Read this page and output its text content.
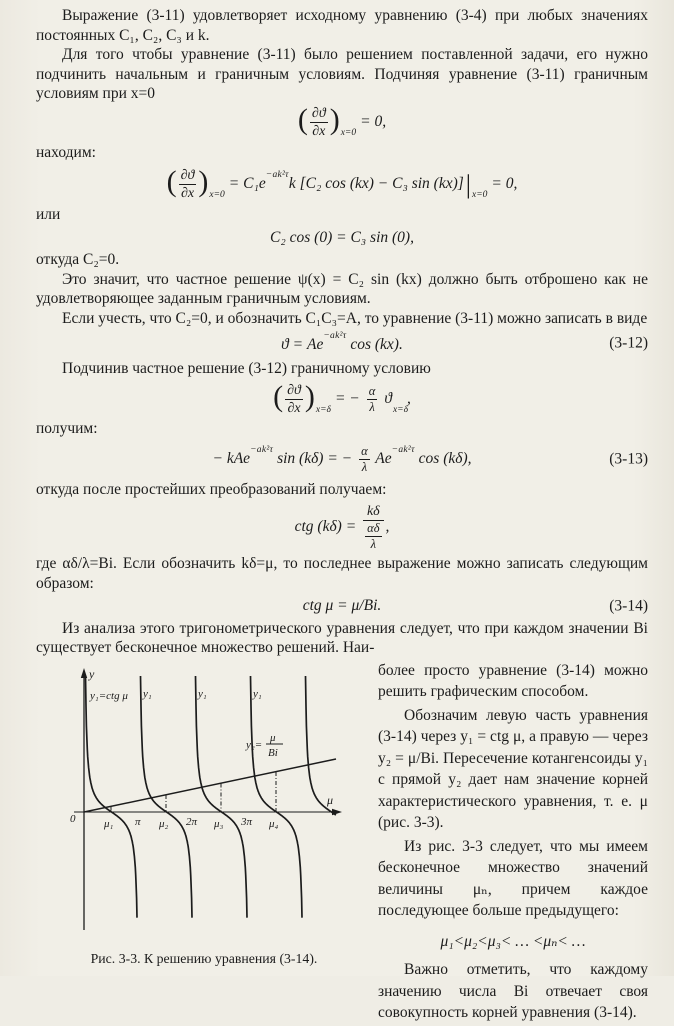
Выражение (3-11) удовлетворяет исходному уравнению (3-4) при любых значениях постоянных C₁, C₂, C₃ и k.

Для того чтобы уравнение (3-11) было решением поставленной задачи, его нужно подчинить начальным и граничным условиям. Подчиняя уравнение (3-11) граничным условиям при x=0

( $\frac{\partial ϑ}{\partial x} )_{x=0}= 0$,

находим:

( $\frac{\partial ϑ}{\partial x} )_{x=0}= C_1e^{-ak^2\tau}k$ [C₂ cos (kx) − C₃ $\sin (kx)]|_{x=0}= 0$,

или

C₂ cos (0) = C₃ sin (0),

откуда C₂=0.

Это значит, что частное решение ψ(x) = C₂ sin (kx) должно быть отброшено как не удовлетворяющее заданным граничным условиям.

Если учесть, что C₂=0, и обозначить C₁C₃=A, то уравнение (3-11) можно записать в виде

$ϑ = Ae^{-ak^2\tau}$ cos (kx).	(3-12)

Подчинив частное решение (3-12) граничному условию

( $\frac{\partial ϑ}{\partial x} )_{x=\delta}= - \frac{\alpha}{\lambda} ϑ_{x=\delta}$,

получим:

− kAe$^{-ak^2\tau}$ sin (kδ) = − $\frac{\alpha}{\lambda} Ae^{-ak^2\tau}$ cos (kδ),	(3-13)

откуда после простейших преобразований получаем:

ctg $(k\delta) = \frac{k\delta}{\frac{\alpha\delta}{\lambda}}$ ,

где αδ/λ=Bi. Если обозначить kδ=μ, то последнее выражение можно записать следующим образом:

ctg μ = μ/Bi.	(3-14)

Из анализа этого тригонометрического уравнения следует, что при каждом значении Bi существует бесконечное множество решений. Наи-

y
μ
0
y₁=ctg μ y₁	y₁	y₁
y₂=
μ
Bi
μ₁ π μ₂ 2π μ₃ 3π μ₄
Рис. 3-3. К решению уравнения (3-14).

более просто уравнение (3-14) можно решить графическим способом.

Обозначим левую часть уравнения (3-14) через y₁ = ctg μ, а правую — через y₂ = μ/Bi. Пересечение котангенсоиды y₁ с прямой y₂ дает нам значение корней характеристического уравнения, т. е. μ (рис. 3-3).

Из рис. 3-3 следует, что мы имеем бесконечное множество значений величины μₙ, причем каждое последующее больше предыдущего:

μ₁<μ₂<μ₃< … <μₙ< …

Важно отметить, что каждому значению числа Bi отвечает своя совокупность корней уравнения (3-14).
